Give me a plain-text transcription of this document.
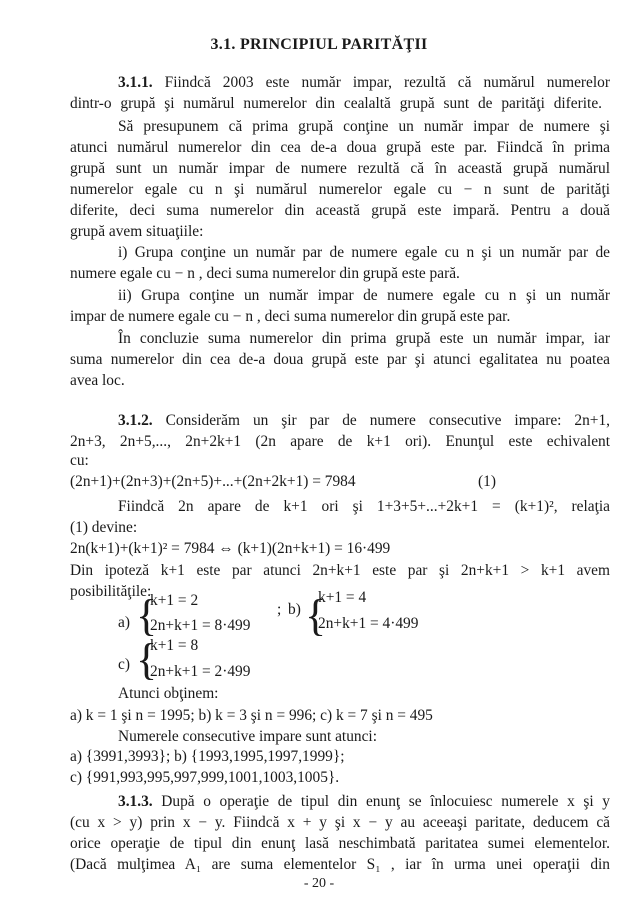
3.1. PRINCIPIUL PARITĂŢII
3.1.1. Fiindcă 2003 este număr impar, rezultă că numărul numerelor
dintr-o grupă şi numărul numerelor din cealaltă grupă sunt de parităţi diferite.
Să presupunem că prima grupă conţine un număr impar de numere şi
atunci numărul numerelor din cea de-a doua grupă este par. Fiindcă în prima
grupă sunt un număr impar de numere rezultă că în această grupă numărul
numerelor egale cu n şi numărul numerelor egale cu − n sunt de parităţi
diferite, deci suma numerelor din această grupă este impară. Pentru a două
grupă avem situaţiile:
i) Grupa conţine un număr par de numere egale cu n şi un număr par de
numere egale cu − n , deci suma numerelor din grupă este pară.
ii) Grupa conţine un număr impar de numere egale cu n şi un număr
impar de numere egale cu − n , deci suma numerelor din grupă este par.
În concluzie suma numerelor din prima grupă este un număr impar, iar
suma numerelor din cea de-a doua grupă este par şi atunci egalitatea nu poatea
avea loc.
3.1.2. Considerăm un şir par de numere consecutive impare: 2n+1,
2n+3, 2n+5,..., 2n+2k+1 (2n apare de k+1 ori). Enunţul este echivalent
cu:
(2n+1)+(2n+3)+(2n+5)+...+(2n+2k+1) = 7984	(1)
Fiindcă 2n apare de k+1 ori şi 1+3+5+...+2k+1 = (k+1)², relaţia
(1) devine:
2n(k+1)+(k+1)² = 7984 ⇔ (k+1)(2n+k+1) = 16·499
Din ipoteză k+1 este par atunci 2n+k+1 este par şi 2n+k+1 > k+1 avem
posibilităţile:
a) {
k+1 = 2
2n+k+1 = 8·499
; b) {
k+1 = 4
2n+k+1 = 4·499
c) {
k+1 = 8
2n+k+1 = 2·499
Atunci obţinem:
a) k = 1 şi n = 1995; b) k = 3 şi n = 996; c) k = 7 şi n = 495
Numerele consecutive impare sunt atunci:
a) {3991,3993}; b) {1993,1995,1997,1999};
c) {991,993,995,997,999,1001,1003,1005}.
3.1.3. După o operaţie de tipul din enunţ se înlocuiesc numerele x şi y
(cu x > y) prin x − y. Fiindcă x + y şi x − y au aceeaşi paritate, deducem că
orice operaţie de tipul din enunţ lasă neschimbată paritatea sumei elementelor.
(Dacă mulţimea A₁ are suma elementelor S₁ , iar în urma unei operaţii din
- 20 -
